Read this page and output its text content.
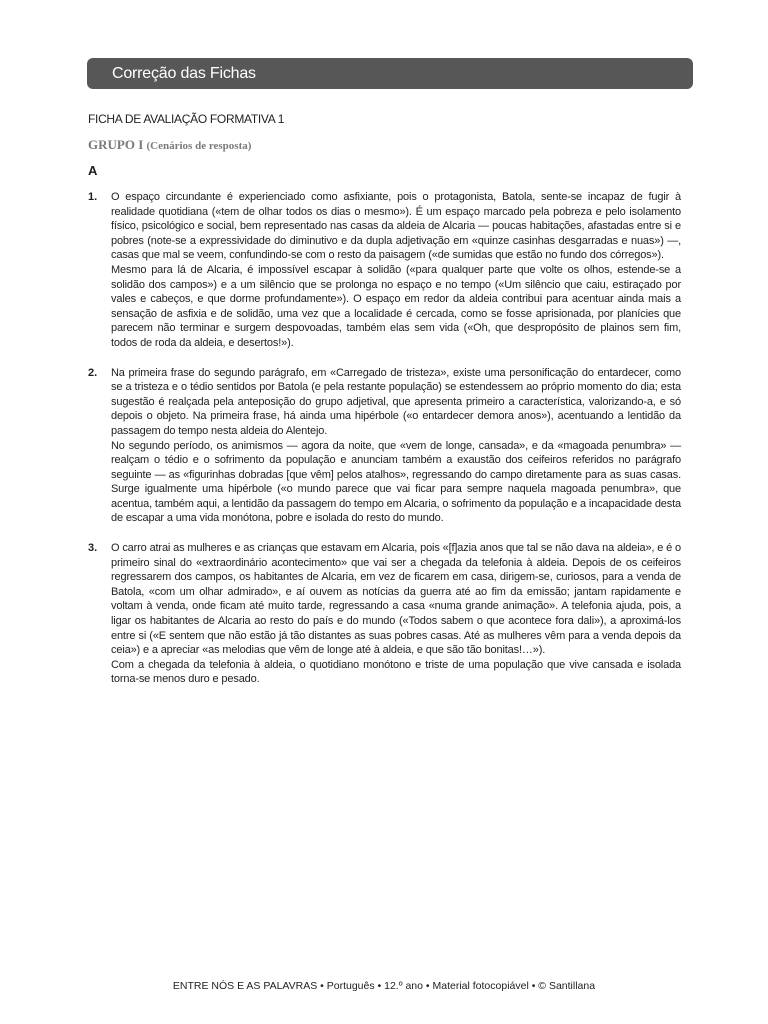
Correção das Fichas
FICHA DE AVALIAÇÃO FORMATIVA 1
GRUPO I (Cenários de resposta)
A
1. O espaço circundante é experienciado como asfixiante, pois o protagonista, Batola, sente-se incapaz de fugir à realidade quotidiana («tem de olhar todos os dias o mesmo»). É um espaço marcado pela pobreza e pelo isolamento físico, psicológico e social, bem representado nas casas da aldeia de Alcaria — poucas habitações, afastadas entre si e pobres (note-se a expressividade do diminutivo e da dupla adjetivação em «quinze casinhas desgarradas e nuas») —, casas que mal se veem, confundindo-se com o resto da paisagem («de sumidas que estão no fundo dos córregos»).

Mesmo para lá de Alcaria, é impossível escapar à solidão («para qualquer parte que volte os olhos, estende-se a solidão dos campos») e a um silêncio que se prolonga no espaço e no tempo («Um silêncio que caiu, estiraçado por vales e cabeços, e que dorme profundamente»). O espaço em redor da aldeia contribui para acentuar ainda mais a sensação de asfixia e de solidão, uma vez que a localidade é cercada, como se fosse aprisionada, por planícies que parecem não terminar e surgem despovoadas, também elas sem vida («Oh, que despropósito de plainos sem fim, todos de roda da aldeia, e desertos!»).

2. Na primeira frase do segundo parágrafo, em «Carregado de tristeza», existe uma personificação do entardecer, como se a tristeza e o tédio sentidos por Batola (e pela restante população) se estendessem ao próprio momento do dia; esta sugestão é realçada pela anteposição do grupo adjetival, que apresenta primeiro a característica, valorizando-a, e só depois o objeto. Na primeira frase, há ainda uma hipérbole («o entardecer demora anos»), acentuando a lentidão da passagem do tempo nesta aldeia do Alentejo.

No segundo período, os animismos — agora da noite, que «vem de longe, cansada», e da «magoada penumbra» — realçam o tédio e o sofrimento da população e anunciam também a exaustão dos ceifeiros referidos no parágrafo seguinte — as «figurinhas dobradas [que vêm] pelos atalhos», regressando do campo diretamente para as suas casas. Surge igualmente uma hipérbole («o mundo parece que vai ficar para sempre naquela magoada penumbra», que acentua, também aqui, a lentidão da passagem do tempo em Alcaria, o sofrimento da população e a incapacidade desta de escapar a uma vida monótona, pobre e isolada do resto do mundo.

3. O carro atrai as mulheres e as crianças que estavam em Alcaria, pois «[f]azia anos que tal se não dava na aldeia», e é o primeiro sinal do «extraordinário acontecimento» que vai ser a chegada da telefonia à aldeia. Depois de os ceifeiros regressarem dos campos, os habitantes de Alcaria, em vez de ficarem em casa, dirigem-se, curiosos, para a venda de Batola, «com um olhar admirado», e aí ouvem as notícias da guerra até ao fim da emissão; jantam rapidamente e voltam à venda, onde ficam até muito tarde, regressando a casa «numa grande animação». A telefonia ajuda, pois, a ligar os habitantes de Alcaria ao resto do país e do mundo («Todos sabem o que acontece fora dali»), a aproximá-los entre si («E sentem que não estão já tão distantes as suas pobres casas. Até as mulheres vêm para a venda depois da ceia») e a apreciar «as melodias que vêm de longe até à aldeia, e que são tão bonitas!…»).

Com a chegada da telefonia à aldeia, o quotidiano monótono e triste de uma população que vive cansada e isolada torna-se menos duro e pesado.

ENTRE NÓS E AS PALAVRAS • Português • 12.º ano • Material fotocopiável • © Santillana
